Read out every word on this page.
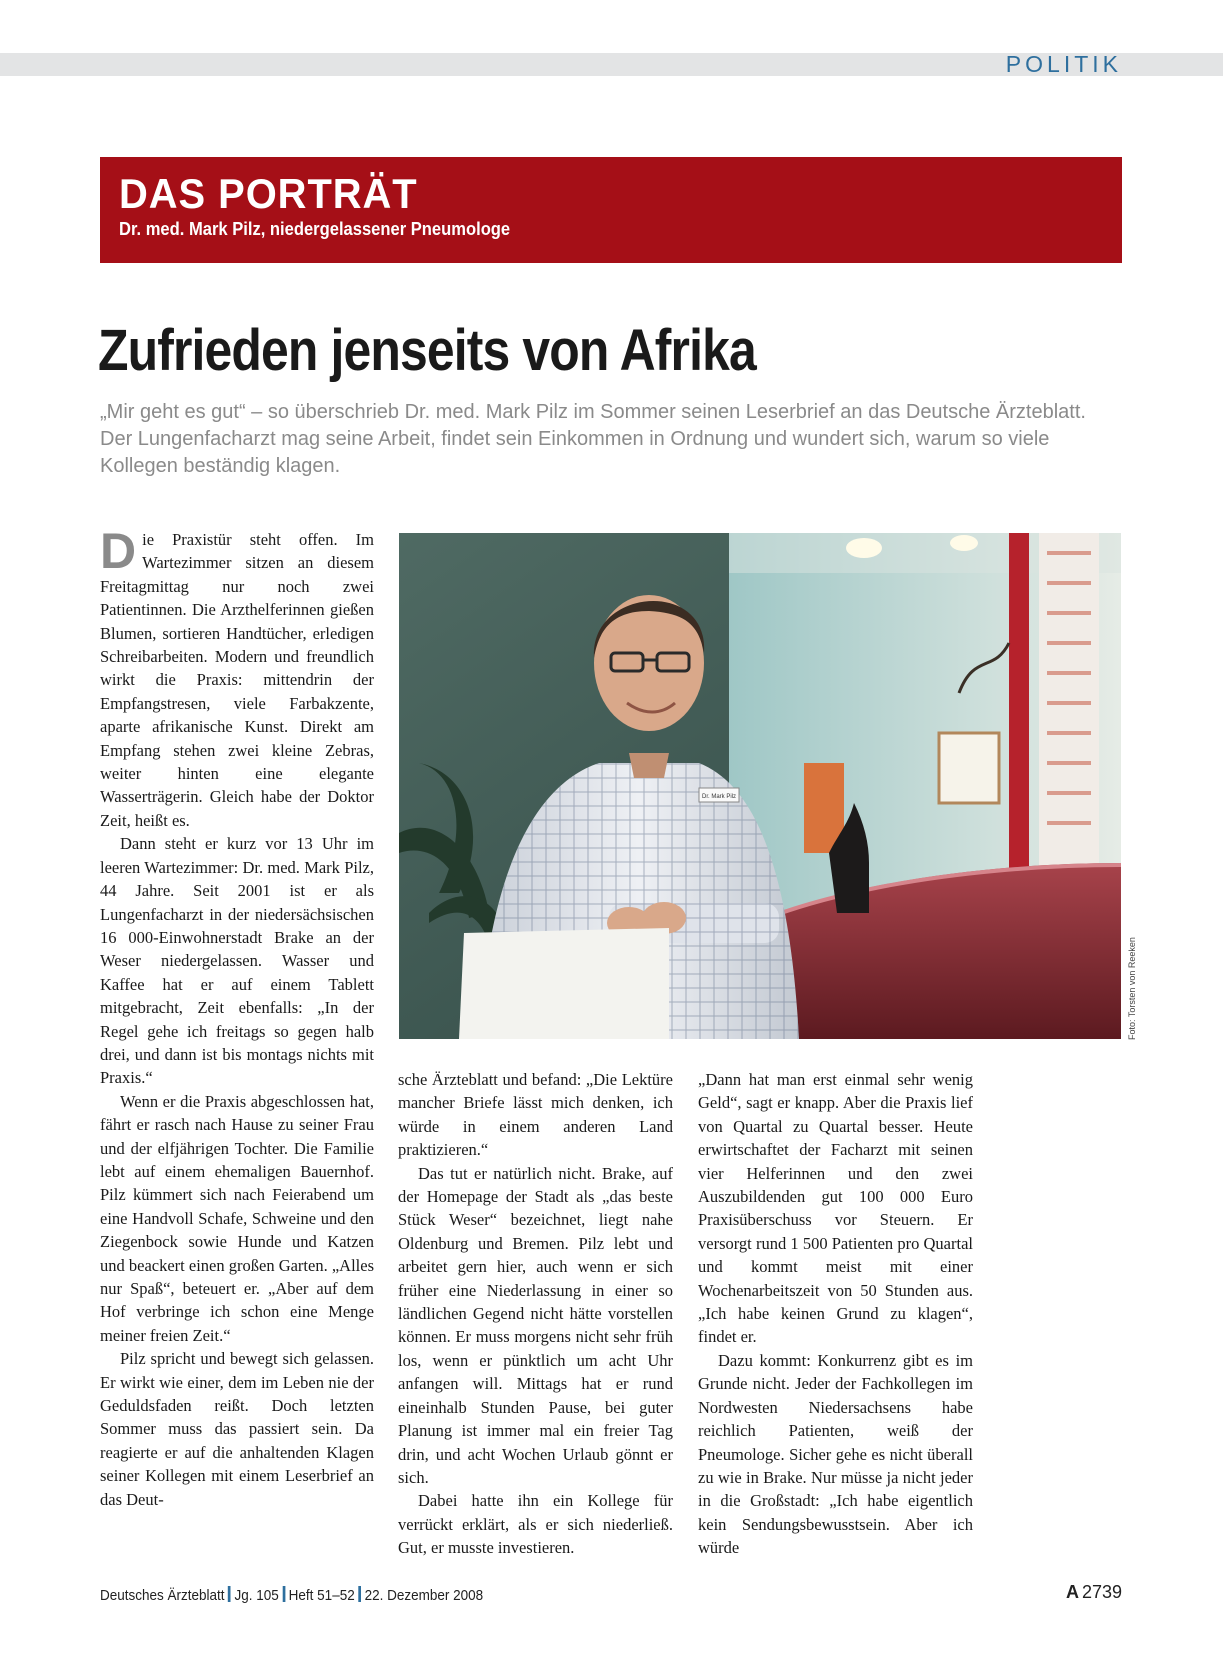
POLITIK
DAS PORTRÄT
Dr. med. Mark Pilz, niedergelassener Pneumologe
Zufrieden jenseits von Afrika
„Mir geht es gut“ – so überschrieb Dr. med. Mark Pilz im Sommer seinen Leserbrief an das Deutsche Ärzteblatt. Der Lungenfacharzt mag seine Arbeit, findet sein Einkommen in Ordnung und wundert sich, warum so viele Kollegen beständig klagen.
D ie Praxistür steht offen. Im Wartezimmer sitzen an diesem Freitagmittag nur noch zwei Patientinnen. Die Arzthelferinnen gießen Blumen, sortieren Handtücher, erledigen Schreibarbeiten. Modern und freundlich wirkt die Praxis: mittendrin der Empfangstresen, viele Farbakzente, aparte afrikanische Kunst. Direkt am Empfang stehen zwei kleine Zebras, weiter hinten eine elegante Wasserträgerin. Gleich habe der Doktor Zeit, heißt es.

Dann steht er kurz vor 13 Uhr im leeren Wartezimmer: Dr. med. Mark Pilz, 44 Jahre. Seit 2001 ist er als Lungenfacharzt in der niedersächsischen 16 000-Einwohnerstadt Brake an der Weser niedergelassen. Wasser und Kaffee hat er auf einem Tablett mitgebracht, Zeit ebenfalls: „In der Regel gehe ich freitags so gegen halb drei, und dann ist bis montags nichts mit Praxis.“

Wenn er die Praxis abgeschlossen hat, fährt er rasch nach Hause zu seiner Frau und der elfjährigen Tochter. Die Familie lebt auf einem ehemaligen Bauernhof. Pilz kümmert sich nach Feierabend um eine Handvoll Schafe, Schweine und den Ziegenbock sowie Hunde und Katzen und beackert einen großen Garten. „Alles nur Spaß“, beteuert er. „Aber auf dem Hof verbringe ich schon eine Menge meiner freien Zeit.“

Pilz spricht und bewegt sich gelassen. Er wirkt wie einer, dem im Leben nie der Geduldsfaden reißt. Doch letzten Sommer muss das passiert sein. Da reagierte er auf die anhaltenden Klagen seiner Kollegen mit einem Leserbrief an das Deut-

Dr. Mark Pilz
Foto: Torsten von Reeken

sche Ärzteblatt und befand: „Die Lektüre mancher Briefe lässt mich denken, ich würde in einem anderen Land praktizieren.“

Das tut er natürlich nicht. Brake, auf der Homepage der Stadt als „das beste Stück Weser“ bezeichnet, liegt nahe Oldenburg und Bremen. Pilz lebt und arbeitet gern hier, auch wenn er sich früher eine Niederlassung in einer so ländlichen Gegend nicht hätte vorstellen können. Er muss morgens nicht sehr früh los, wenn er pünktlich um acht Uhr anfangen will. Mittags hat er rund eineinhalb Stunden Pause, bei guter Planung ist immer mal ein freier Tag drin, und acht Wochen Urlaub gönnt er sich.

Dabei hatte ihn ein Kollege für verrückt erklärt, als er sich niederließ. Gut, er musste investieren.

„Dann hat man erst einmal sehr wenig Geld“, sagt er knapp. Aber die Praxis lief von Quartal zu Quartal besser. Heute erwirtschaftet der Facharzt mit seinen vier Helferinnen und den zwei Auszubildenden gut 100 000 Euro Praxisüberschuss vor Steuern. Er versorgt rund 1 500 Patienten pro Quartal und kommt meist mit einer Wochenarbeitszeit von 50 Stunden aus. „Ich habe keinen Grund zu klagen“, findet er.

Dazu kommt: Konkurrenz gibt es im Grunde nicht. Jeder der Fachkollegen im Nordwesten Niedersachsens habe reichlich Patienten, weiß der Pneumologe. Sicher gehe es nicht überall zu wie in Brake. Nur müsse ja nicht jeder in die Großstadt: „Ich habe eigentlich kein Sendungsbewusstsein. Aber ich würde

Deutsches Ärzteblatt Jg. 105 Heft 51–52 22. Dezember 2008	A 2739
